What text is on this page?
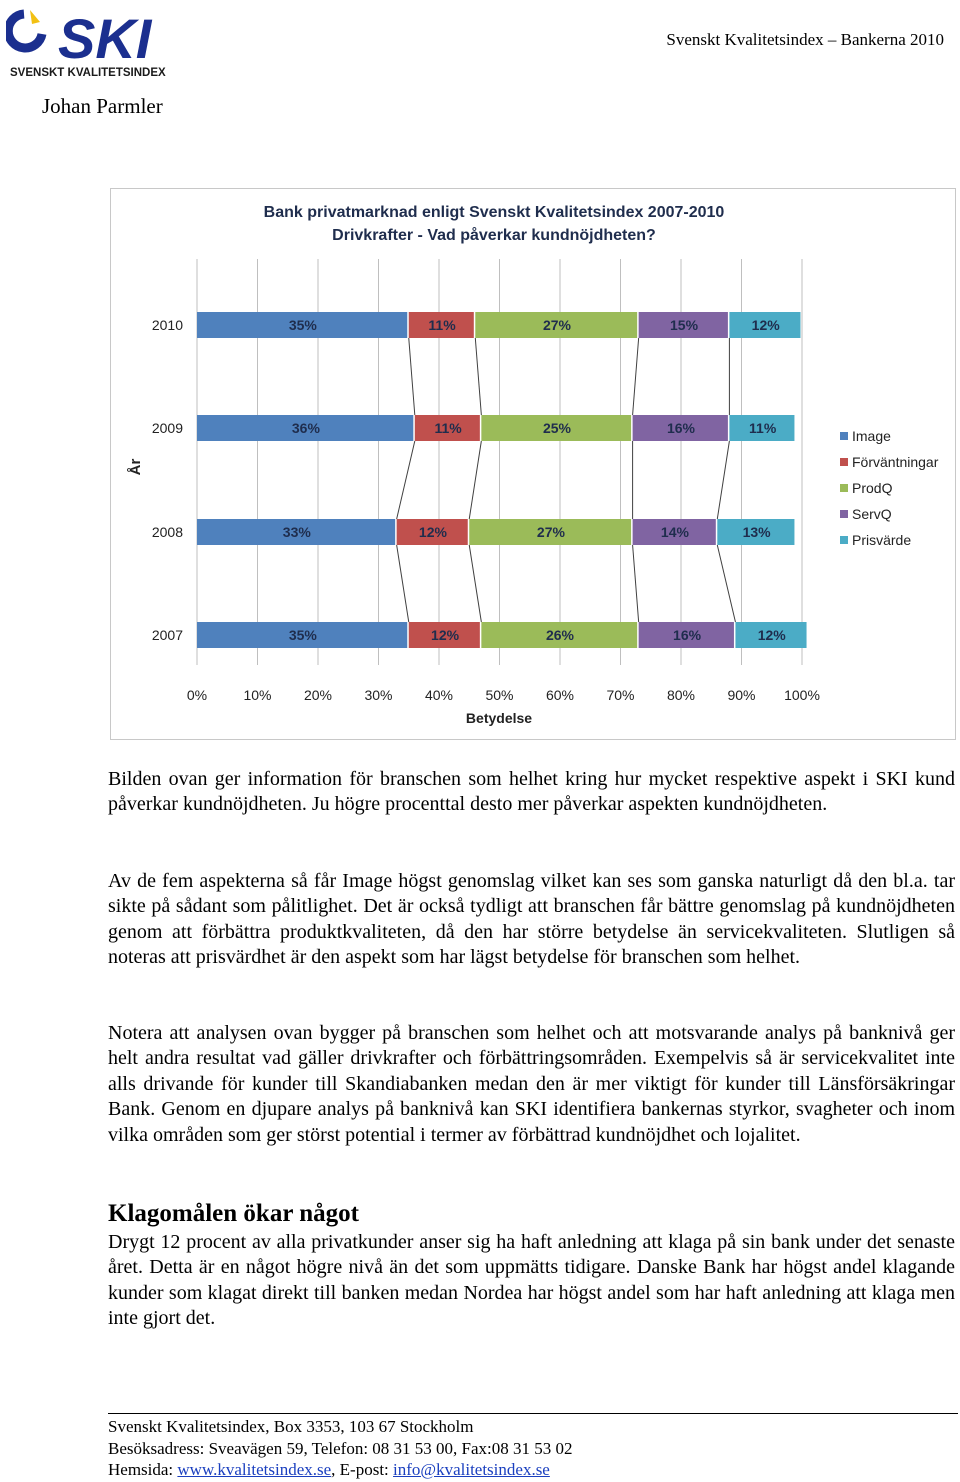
SKI
SVENSKT KVALITETSINDEX
Svenskt Kvalitetsindex – Bankerna 2010
Johan Parmler
Bank privatmarknad enligt Svenskt Kvalitetsindex 2007-2010
Drivkrafter - Vad påverkar kundnöjdheten?
2010	35%	11%	27%	15%	12%
2009	36%	11%	25%	16%	11%
2008	33%	12%	27%	14%	13%
2007	35%	12%	26%	16%	12%
0%	10% 20% 30% 40% 50% 60% 70% 80% 90% 100%
Betydelse
År
Image
Förväntningar
ProdQ
ServQ
Prisvärde
Bilden ovan ger information för branschen som helhet kring hur mycket respektive aspekt i SKI kund påverkar kundnöjdheten. Ju högre procenttal desto mer påverkar aspekten kundnöjdheten.
Av de fem aspekterna så får Image högst genomslag vilket kan ses som ganska naturligt då den bl.a. tar sikte på sådant som pålitlighet. Det är också tydligt att branschen får bättre genomslag på kundnöjdheten genom att förbättra produktkvaliteten, då den har större betydelse än servicekvaliteten. Slutligen så noteras att prisvärdhet är den aspekt som har lägst betydelse för branschen som helhet.
Notera att analysen ovan bygger på branschen som helhet och att motsvarande analys på banknivå ger helt andra resultat vad gäller drivkrafter och förbättringsområden. Exempelvis så är servicekvalitet inte alls drivande för kunder till Skandiabanken medan den är mer viktigt för kunder till Länsförsäkringar Bank. Genom en djupare analys på banknivå kan SKI identifiera bankernas styrkor, svagheter och inom vilka områden som ger störst potential i termer av förbättrad kundnöjdhet och lojalitet.
Klagomålen ökar något
Drygt 12 procent av alla privatkunder anser sig ha haft anledning att klaga på sin bank under det senaste året. Detta är en något högre nivå än det som uppmätts tidigare. Danske Bank har högst andel klagande kunder som klagat direkt till banken medan Nordea har högst andel som har haft anledning att klaga men inte gjort det.
Svenskt Kvalitetsindex, Box 3353, 103 67 Stockholm
Besöksadress: Sveavägen 59, Telefon: 08 31 53 00, Fax:08 31 53 02
Hemsida: www.kvalitetsindex.se, E-post: info@kvalitetsindex.se
